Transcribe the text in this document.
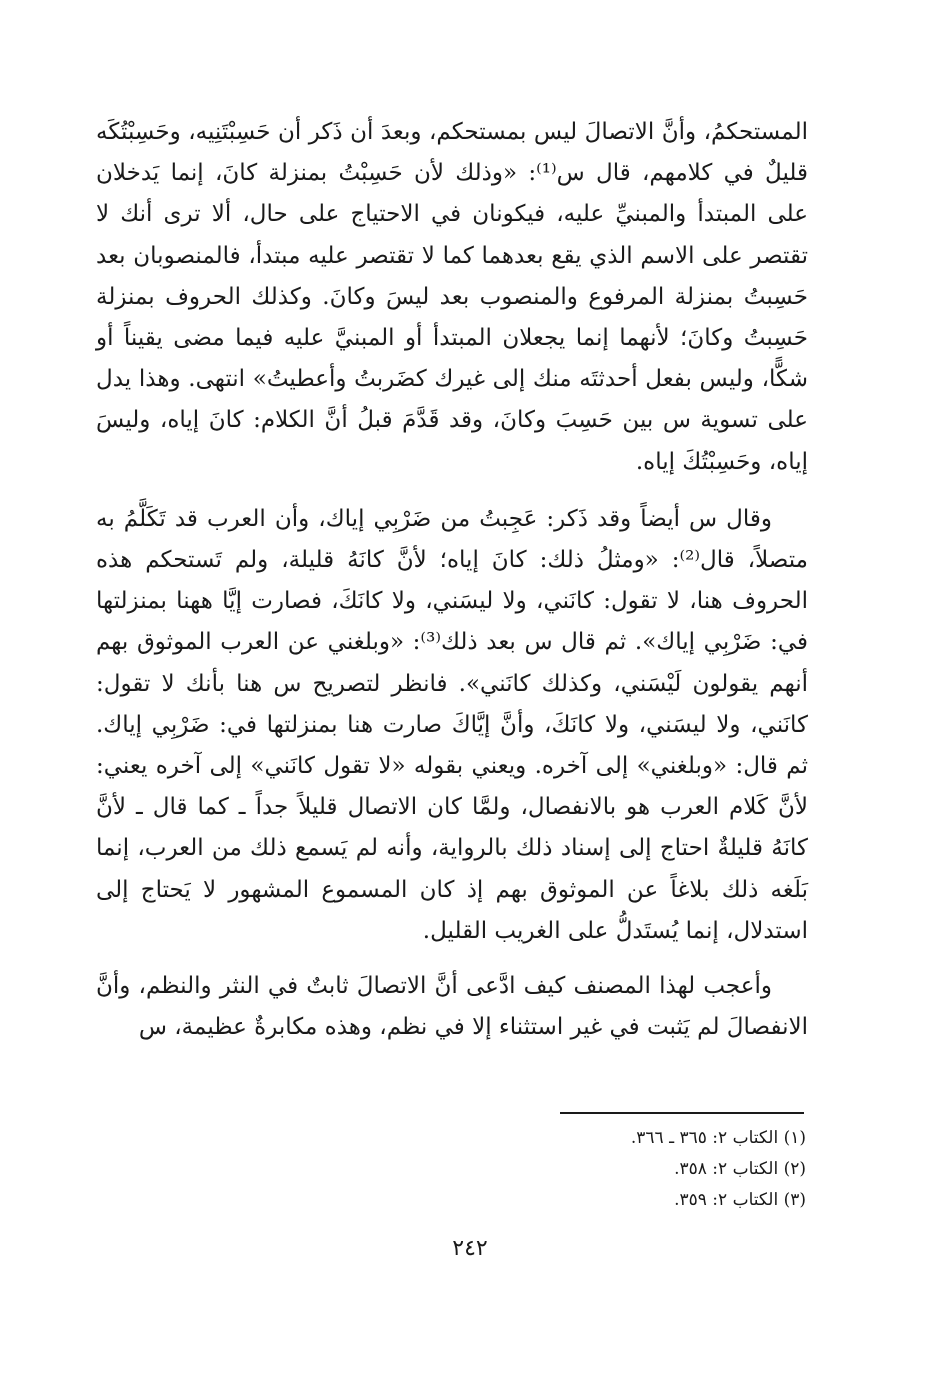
المستحكمُ، وأنَّ الاتصالَ ليس بمستحكم، وبعدَ أن ذَكر أن حَسِبْتَنِيه، وحَسِبْتُكَه قليلٌ في كلامهم، قال س⁽¹⁾: «وذلك لأن حَسِبْتُ بمنزلة كانَ، إنما يَدخلان على المبتدأ والمبنيِّ عليه، فيكونان في الاحتياج على حال، ألا ترى أنك لا تقتصر على الاسم الذي يقع بعدهما كما لا تقتصر عليه مبتدأ، فالمنصوبان بعد حَسِبتُ بمنزلة المرفوع والمنصوب بعد ليسَ وكانَ. وكذلك الحروف بمنزلة حَسِبتُ وكانَ؛ لأنهما إنما يجعلان المبتدأ أو المبنيَّ عليه فيما مضى يقيناً أو شكًّا، وليس بفعل أحدثتَه منك إلى غيرك كضَربتُ وأعطيتُ» انتهى. وهذا يدل على تسوية س بين حَسِبَ وكانَ، وقد قَدَّمَ قبلُ أنَّ الكلام: كانَ إياه، وليسَ إياه، وحَسِبْتُكَ إياه.

وقال س أيضاً وقد ذَكر: عَجِبتُ من ضَرْبِي إياك، وأن العرب قد تَكَلَّمُ به متصلاً، قال⁽²⁾: «ومثلُ ذلك: كانَ إياه؛ لأنَّ كانَهُ قليلة، ولم تَستحكم هذه الحروف هنا، لا تقول: كانَني، ولا ليسَني، ولا كانَكَ، فصارت إيَّا ههنا بمنزلتها في: ضَرْبِي إياك». ثم قال س بعد ذلك⁽³⁾: «وبلغني عن العرب الموثوق بهم أنهم يقولون لَيْسَني، وكذلك كانَني». فانظر لتصريح س هنا بأنك لا تقول: كانَني، ولا ليسَني، ولا كانَكَ، وأنَّ إيَّاكَ صارت هنا بمنزلتها في: ضَرْبِي إياك. ثم قال: «وبلغني» إلى آخره. ويعني بقوله «لا تقول كانَني» إلى آخره يعني: لأنَّ كَلام العرب هو بالانفصال، ولمَّا كان الاتصال قليلاً جداً ـ كما قال ـ لأنَّ كانَهُ قليلةٌ احتاج إلى إسناد ذلك بالرواية، وأنه لم يَسمع ذلك من العرب، إنما بَلَغه ذلك بلاغاً عن الموثوق بهم إذ كان المسموع المشهور لا يَحتاج إلى استدلال، إنما يُستَدلُّ على الغريب القليل.

وأعجب لهذا المصنف كيف ادَّعى أنَّ الاتصالَ ثابتٌ في النثر والنظم، وأنَّ الانفصالَ لم يَثبت في غير استثناء إلا في نظم، وهذه مكابرةٌ عظيمة، س

(١) الكتاب ٢: ٣٦٥ ـ ٣٦٦.

(٢) الكتاب ٢: ٣٥٨.

(٣) الكتاب ٢: ٣٥٩.

٢٤٢
